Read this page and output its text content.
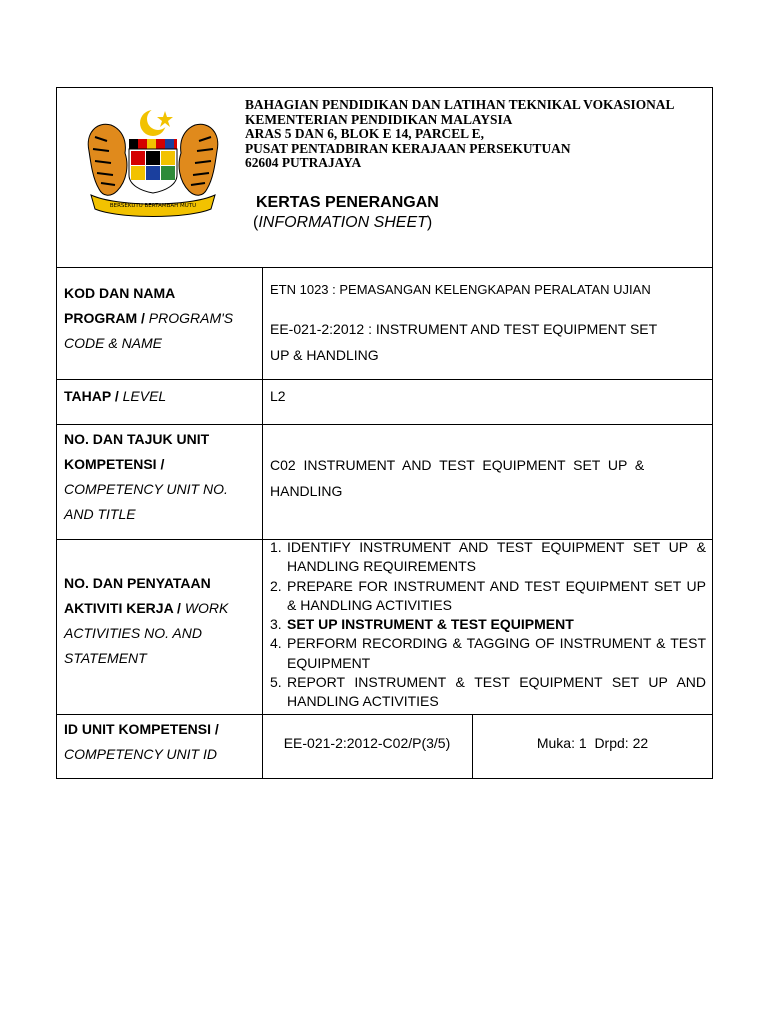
BERSEKUTU BERTAMBAH MUTU
BAHAGIAN PENDIDIKAN DAN LATIHAN TEKNIKAL VOKASIONAL
KEMENTERIAN PENDIDIKAN MALAYSIA
ARAS 5 DAN 6, BLOK E 14, PARCEL E,
PUSAT PENTADBIRAN KERAJAAN PERSEKUTUAN
62604 PUTRAJAYA
KERTAS PENERANGAN
(INFORMATION SHEET)
KOD DAN NAMA
PROGRAM / PROGRAM'S
CODE & NAME
ETN 1023 : PEMASANGAN KELENGKAPAN PERALATAN UJIAN
EE-021-2:2012 : INSTRUMENT AND TEST EQUIPMENT SET
UP & HANDLING
TAHAP / LEVEL	L2
NO. DAN TAJUK UNIT
KOMPETENSI /
COMPETENCY UNIT NO.
AND TITLE
C02  INSTRUMENT  AND  TEST  EQUIPMENT  SET  UP  &
HANDLING
NO. DAN PENYATAAN
AKTIVITI KERJA / WORK
ACTIVITIES NO. AND
STATEMENT
1. IDENTIFY INSTRUMENT AND TEST EQUIPMENT SET UP & HANDLING REQUIREMENTS
2. PREPARE FOR INSTRUMENT AND TEST EQUIPMENT SET UP & HANDLING ACTIVITIES
3. SET UP INSTRUMENT & TEST EQUIPMENT
4. PERFORM RECORDING & TAGGING OF INSTRUMENT & TEST EQUIPMENT
5. REPORT INSTRUMENT & TEST EQUIPMENT SET UP AND HANDLING ACTIVITIES
ID UNIT KOMPETENSI /
COMPETENCY UNIT ID
EE-021-2:2012-C02/P(3/5)	Muka: 1  Drpd: 22
